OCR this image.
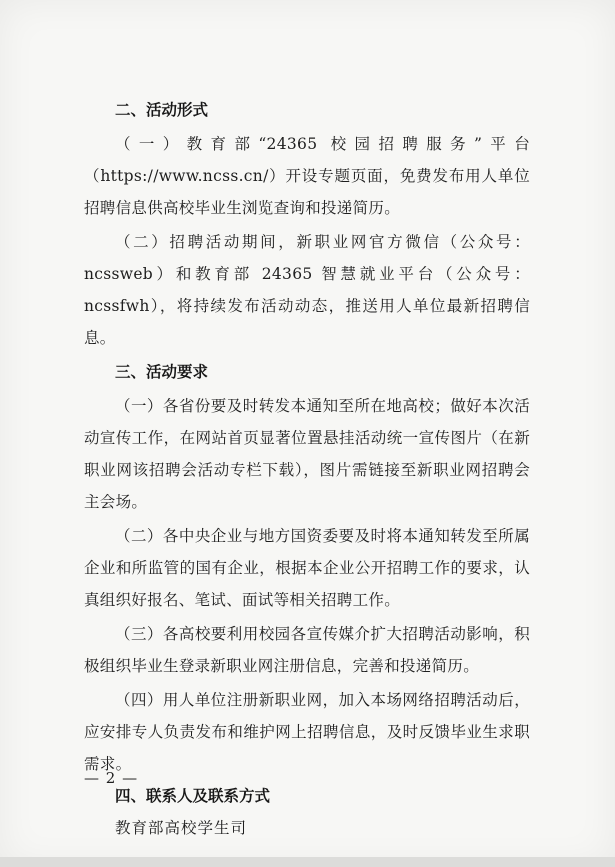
二、活动形式

（一）教育部“24365 校园招聘服务”平台（https://www.ncss.cn/）开设专题页面，免费发布用人单位招聘信息供高校毕业生浏览查询和投递简历。

（二）招聘活动期间，新职业网官方微信（公众号：ncssweb）和教育部 24365 智慧就业平台（公众号：ncssfwh），将持续发布活动动态，推送用人单位最新招聘信息。

三、活动要求

（一）各省份要及时转发本通知至所在地高校；做好本次活动宣传工作，在网站首页显著位置悬挂活动统一宣传图片（在新职业网该招聘会活动专栏下载），图片需链接至新职业网招聘会主会场。

（二）各中央企业与地方国资委要及时将本通知转发至所属企业和所监管的国有企业，根据本企业公开招聘工作的要求，认真组织好报名、笔试、面试等相关招聘工作。

（三）各高校要利用校园各宣传媒介扩大招聘活动影响，积极组织毕业生登录新职业网注册信息，完善和投递简历。

（四）用人单位注册新职业网，加入本场网络招聘活动后，应安排专人负责发布和维护网上招聘信息，及时反馈毕业生求职需求。

四、联系人及联系方式

教育部高校学生司

— 2 —
